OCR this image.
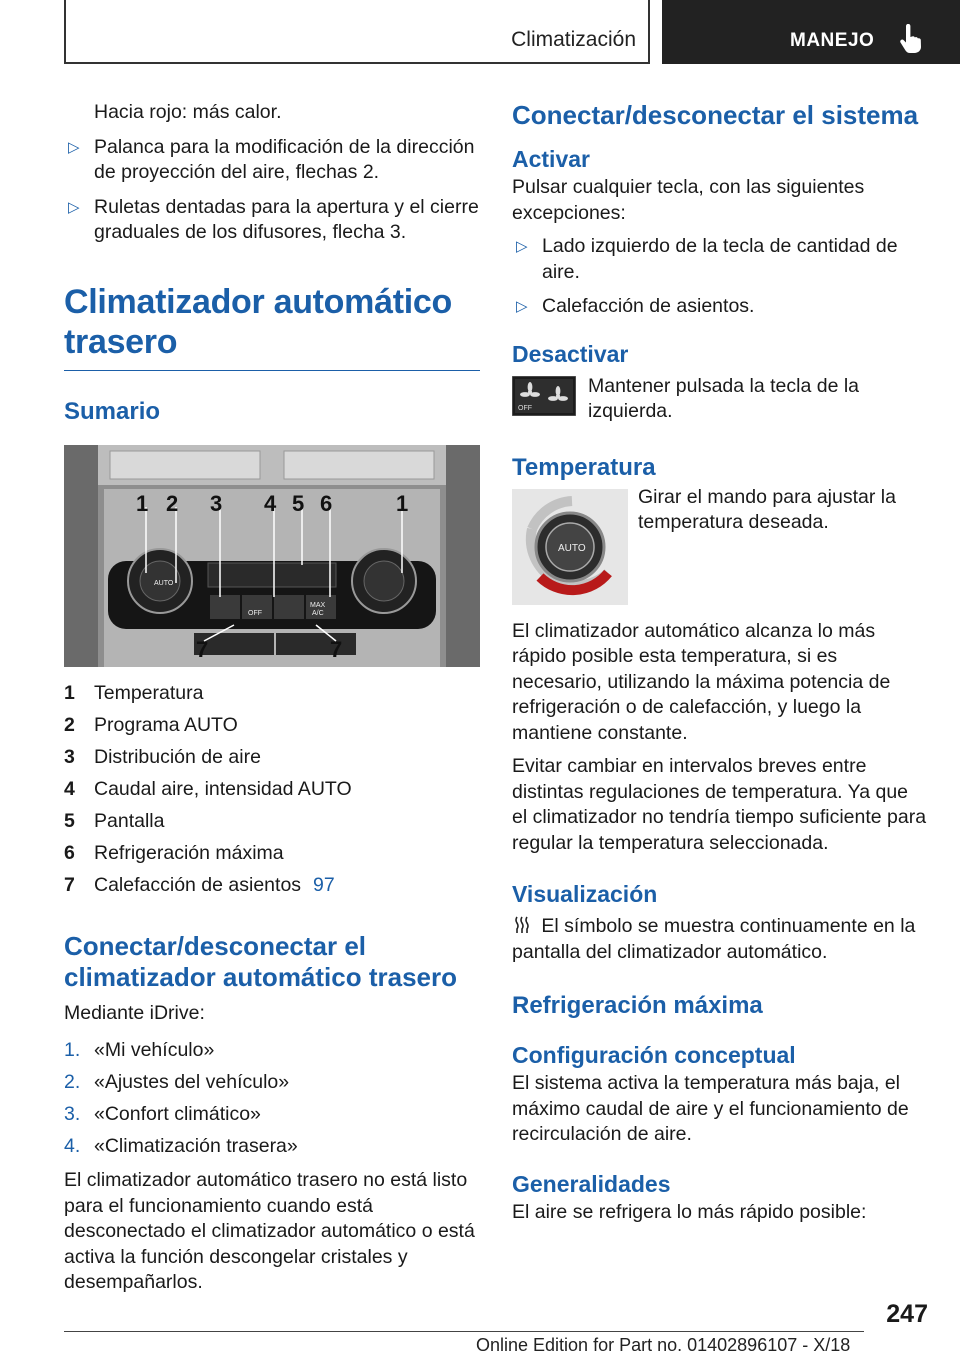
Climatización	MANEJO
Hacia rojo: más calor.
▷ Palanca para la modificación de la dirección de proyección del aire, flechas 2.
▷ Ruletas dentadas para la apertura y el cierre graduales de los difusores, flecha 3.
Climatizador automático trasero
Sumario
AUTO
OFF
MAX
A/C
1 2 3 4 5 6	1
7	7
1 Temperatura
2 Programa AUTO
3 Distribución de aire
4 Caudal aire, intensidad AUTO
5 Pantalla
6 Refrigeración máxima
7 Calefacción de asientos 97
Conectar/desconectar el climatizador automático trasero

Mediante iDrive:

1. «Mi vehículo»
2. «Ajustes del vehículo»
3. «Confort climático»
4. «Climatización trasera»

El climatizador automático trasero no está listo para el funcionamiento cuando está desconectado el climatizador automático o está activa la función descongelar cristales y desempañarlos.

Conectar/desconectar el sistema
Activar

Pulsar cualquier tecla, con las siguientes excepciones:

▷ Lado izquierdo de la tecla de cantidad de aire.
▷ Calefacción de asientos.
Desactivar
OFF
Mantener pulsada la tecla de la izquierda.
Temperatura
AUTO
Girar el mando para ajustar la temperatura deseada.

El climatizador automático alcanza lo más rápido posible esta temperatura, si es necesario, utilizando la máxima potencia de refrigeración o de calefacción, y luego la mantiene constante.

Evitar cambiar en intervalos breves entre distintas regulaciones de temperatura. Ya que el climatizador no tendría tiempo suficiente para regular la temperatura seleccionada.

Visualización

El símbolo se muestra continuamente en la pantalla del climatizador automático.

Refrigeración máxima
Configuración conceptual

El sistema activa la temperatura más baja, el máximo caudal de aire y el funcionamiento de recirculación de aire.

Generalidades

El aire se refrigera lo más rápido posible:

247
Online Edition for Part no. 01402896107 - X/18
